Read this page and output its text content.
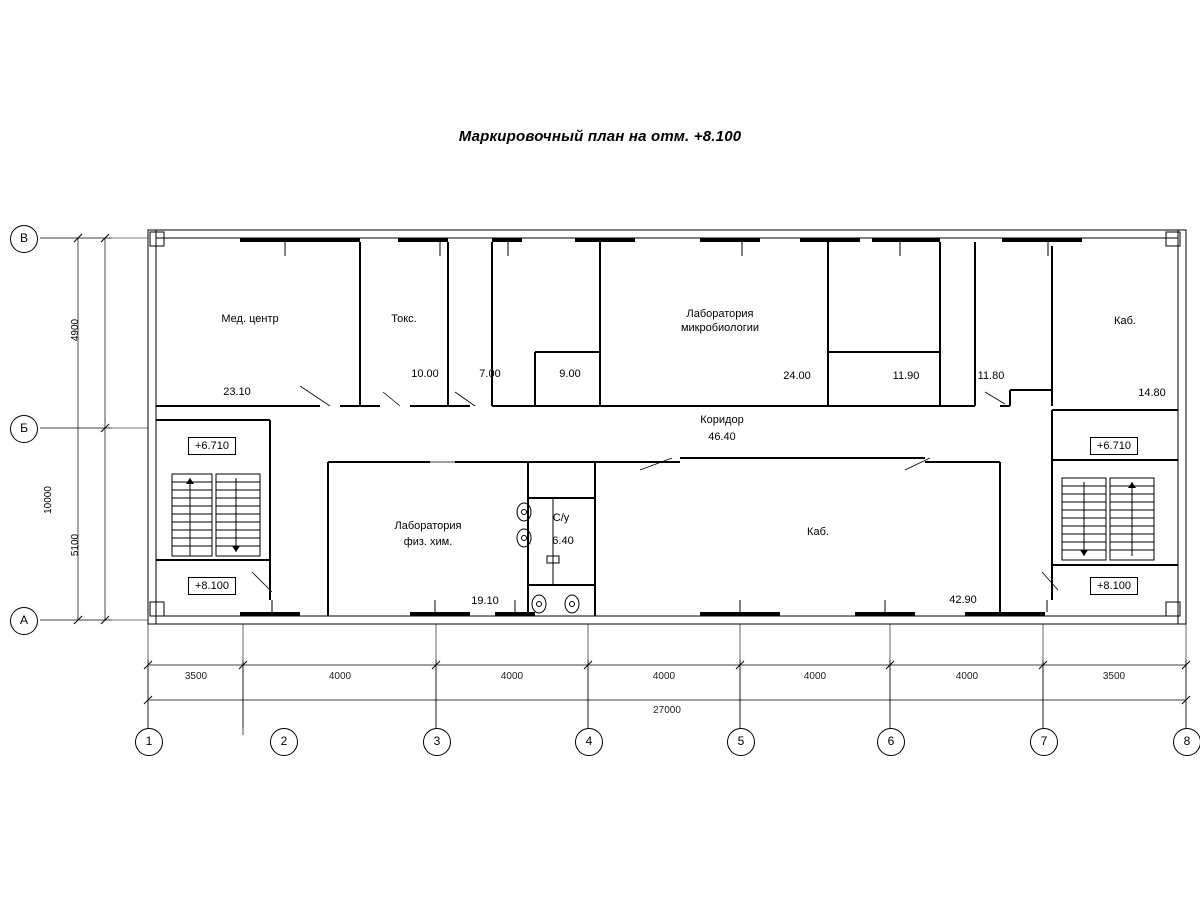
Маркировочный план на отм. +8.100
В
Б
А
1	2	3	4	5	6	7	8
3500	4000	4000	4000	4000	4000	3500
27000
4900
5100
10000
Мед. центр
23.10
Токс.
10.00	7.00	9.00
Лаборатория
микробиологии
24.00	11.90	11.80
Каб.
14.80
Коридор
46.40
Лаборатория
физ. хим.
19.10
С/у
6.40
Каб.
42.90
+6.710
+8.100
+6.710
+8.100
